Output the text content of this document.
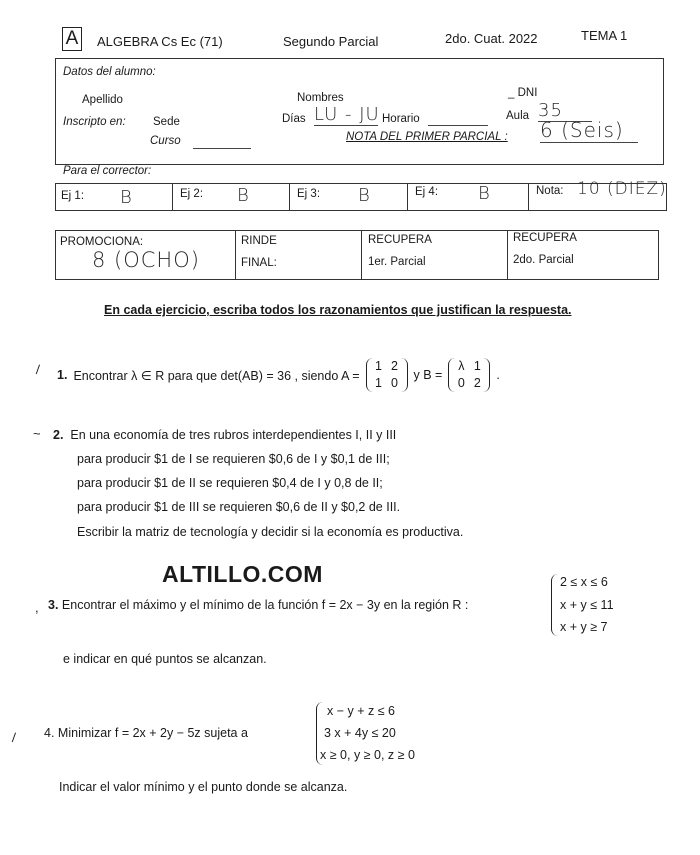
A ALGEBRA Cs Ec (71)	Segundo Parcial	2do. Cuat. 2022	TEMA 1
Datos del alumno:
Apellido	Nombres	_ DNI
Inscripto en: Sede	Días LU - JU Horario	Aula 35
Curso	NOTA DEL PRIMER PARCIAL : 6 (Seis)
Para el corrector:
Ej 1: B	Ej 2: B	Ej 3: B	Ej 4: B	Nota: 10 (DIEZ)
PROMOCIONA:
8 (OCHO)
RINDE
FINAL:
RECUPERA
1er. Parcial
RECUPERA
2do. Parcial
En cada ejercicio, escriba todos los razonamientos que justifican la respuesta.
\ 1. Encontrar λ ∈ R para que det(AB) = 36 , siendo A =
1 2
1 0
y B =
λ 1
0 2
.
~ 2. En una economía de tres rubros interdependientes I, II y III
para producir $1 de I se requieren $0,6 de I y $0,1 de III;
para producir $1 de II se requieren $0,4 de I y 0,8 de II;
para producir $1 de III se requieren $0,6 de II y $0,2 de III.
Escribir la matriz de tecnología y decidir si la economía es productiva.
ALTILLO.COM
, 3. Encontrar el máximo y el mínimo de la función f = 2x − 3y en la región R :
2 ≤ x ≤ 6
x + y ≤ 11
x + y ≥ 7
e indicar en qué puntos se alcanzan.
\ 4. Minimizar f = 2x + 2y − 5z sujeta a
x − y + z ≤ 6
3 x + 4y ≤ 20
x ≥ 0, y ≥ 0, z ≥ 0
Indicar el valor mínimo y el punto donde se alcanza.
